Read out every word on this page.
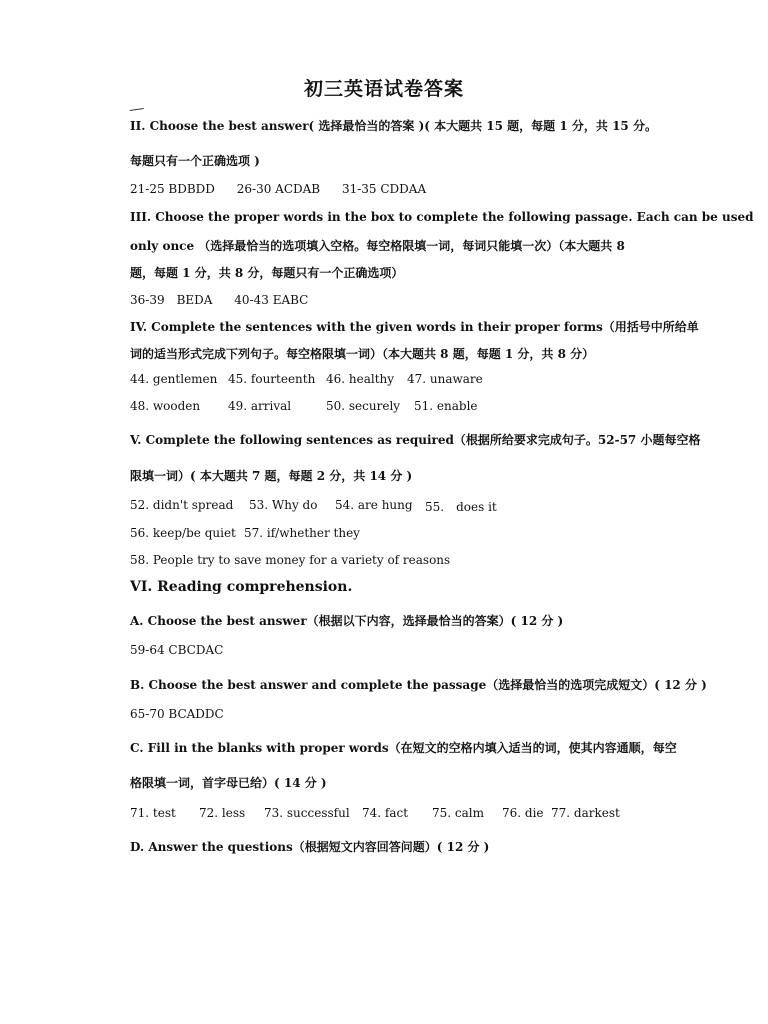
初三英语试卷答案
II. Choose the best answer( 选择最恰当的答案 )( 本大题共 15 题，每题 1 分，共 15 分。
每题只有一个正确选项 )
21-25 BDBDD 26-30 ACDAB 31-35 CDDAA
III. Choose the proper words in the box to complete the following passage. Each can be used
only once （选择最恰当的选项填入空格。每空格限填一词，每词只能填一次）（本大题共 8
题，每题 1 分，共 8 分，每题只有一个正确选项）
36-39　BEDA 40-43 EABC
IV. Complete the sentences with the given words in their proper forms（用括号中所给单
词的适当形式完成下列句子。每空格限填一词）（本大题共 8 题，每题 1 分，共 8 分）
44. gentlemen 45. fourteenth 46. healthy 47. unaware
48. wooden 49. arrival	50. securely 51. enable
V. Complete the following sentences as required（根据所给要求完成句子。52-57 小题每空格
限填一词）( 本大题共 7 题，每题 2 分，共 14 分 )
52. didn't spread 53. Why do 54. are hung 55.　does it
56. keep/be quiet 57. if/whether they
58. People try to save money for a variety of reasons
VI. Reading comprehension.
A. Choose the best answer（根据以下内容，选择最恰当的答案）( 12 分 )
59-64 CBCDAC
B. Choose the best answer and complete the passage（选择最恰当的选项完成短文）( 12 分 )
65-70 BCADDC
C. Fill in the blanks with proper words（在短文的空格内填入适当的词，使其内容通顺，每空
格限填一词，首字母已给）( 14 分 )
71. test 72. less 73. successful 74. fact 75. calm 76. die 77. darkest
D. Answer the questions（根据短文内容回答问题）( 12 分 )
